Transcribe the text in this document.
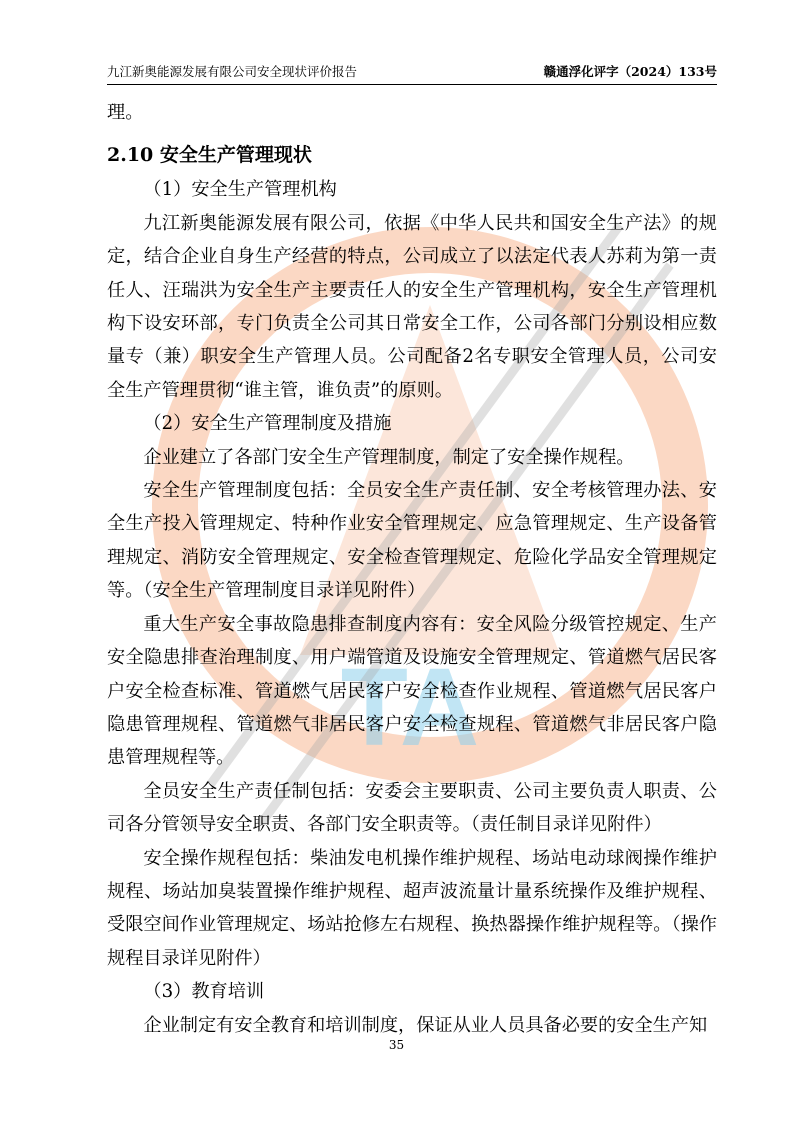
九江新奥能源发展有限公司安全现状评价报告	赣通浮化评字（2024）133号
TA

理。

2.10 安全生产管理现状

（1）安全生产管理机构

九江新奥能源发展有限公司，依据《中华人民共和国安全生产法》的规定，结合企业自身生产经营的特点，公司成立了以法定代表人苏莉为第一责任人、汪瑞洪为安全生产主要责任人的安全生产管理机构，安全生产管理机构下设安环部，专门负责全公司其日常安全工作，公司各部门分别设相应数量专（兼）职安全生产管理人员。公司配备2名专职安全管理人员，公司安全生产管理贯彻“谁主管，谁负责”的原则。

（2）安全生产管理制度及措施

企业建立了各部门安全生产管理制度，制定了安全操作规程。

安全生产管理制度包括：全员安全生产责任制、安全考核管理办法、安全生产投入管理规定、特种作业安全管理规定、应急管理规定、生产设备管理规定、消防安全管理规定、安全检查管理规定、危险化学品安全管理规定等。（安全生产管理制度目录详见附件）

重大生产安全事故隐患排查制度内容有：安全风险分级管控规定、生产安全隐患排查治理制度、用户端管道及设施安全管理规定、管道燃气居民客户安全检查标准、管道燃气居民客户安全检查作业规程、管道燃气居民客户隐患管理规程、管道燃气非居民客户安全检查规程、管道燃气非居民客户隐患管理规程等。

全员安全生产责任制包括：安委会主要职责、公司主要负责人职责、公司各分管领导安全职责、各部门安全职责等。（责任制目录详见附件）

安全操作规程包括：柴油发电机操作维护规程、场站电动球阀操作维护规程、场站加臭装置操作维护规程、超声波流量计量系统操作及维护规程、受限空间作业管理规定、场站抢修左右规程、换热器操作维护规程等。（操作规程目录详见附件）

（3）教育培训

企业制定有安全教育和培训制度，保证从业人员具备必要的安全生产知

35
